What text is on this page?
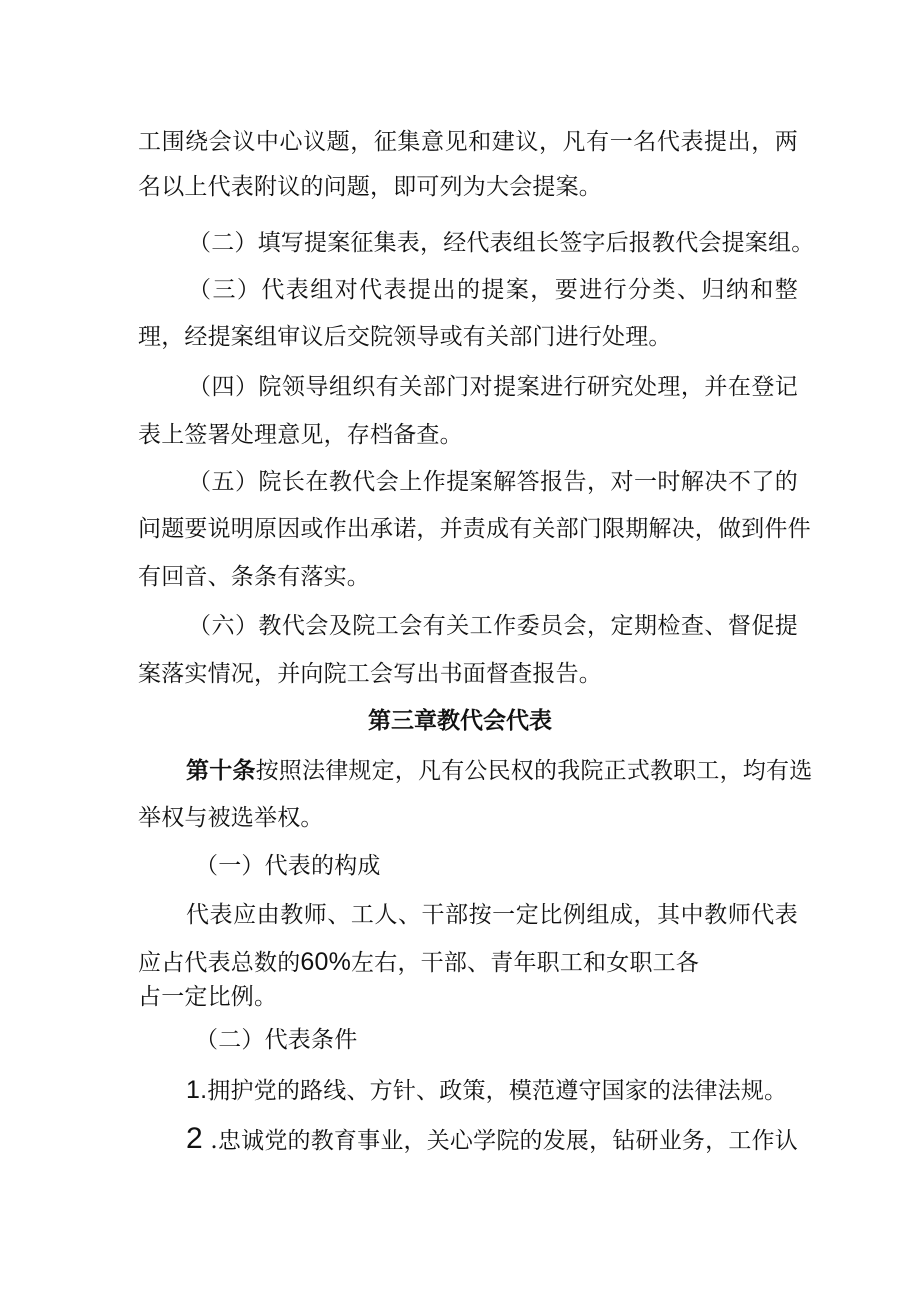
工围绕会议中心议题，征集意见和建议，凡有一名代表提出，两
名以上代表附议的问题，即可列为大会提案。
（二）填写提案征集表，经代表组长签字后报教代会提案组。
（三）代表组对代表提出的提案，要进行分类、归纳和整
理，经提案组审议后交院领导或有关部门进行处理。
（四）院领导组织有关部门对提案进行研究处理，并在登记
表上签署处理意见，存档备查。
（五）院长在教代会上作提案解答报告，对一时解决不了的
问题要说明原因或作出承诺，并责成有关部门限期解决，做到件件
有回音、条条有落实。
（六）教代会及院工会有关工作委员会，定期检查、督促提
案落实情况，并向院工会写出书面督查报告。
第三章教代会代表
第十条按照法律规定，凡有公民权的我院正式教职工，均有选
举权与被选举权。
（一）代表的构成
代表应由教师、工人、干部按一定比例组成，其中教师代表
应占代表总数的60%左右，干部、青年职工和女职工各
占一定比例。
（二）代表条件
1.拥护党的路线、方针、政策，模范遵守国家的法律法规。
2 .忠诚党的教育事业，关心学院的发展，钻研业务，工作认
